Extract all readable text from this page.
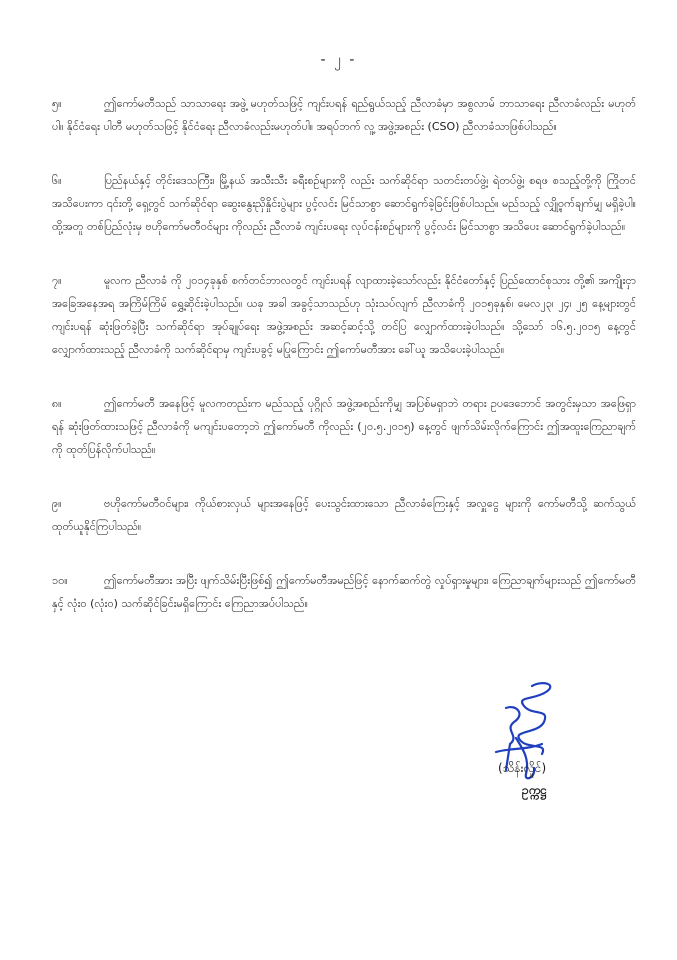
- ၂ -

၅။	ဤကော်မတီသည် သာသာရေး အဖွဲ့ မဟုတ်သဖြင့် ကျင်းပရန် ရည်ရွယ်သည့် ညီလာခံမှာ အစွလာမ် ဘာသာရေး ညီလာခံလည်း မဟုတ်ပါ။ နိုင်ငံရေး ပါတီ မဟုတ်သဖြင့် နိုင်ငံရေး ညီလာခံလည်းမဟုတ်ပါ။ အရပ်ဘက် လူ့ အဖွဲ့အစည်း (CSO) ညီလာခံသာဖြစ်ပါသည်။

၆။	ပြည်နယ်နှင့် တိုင်းဒေသကြီး၊ မြို့နယ် အသီးသီး ခရီးစဉ်များကို လည်း သက်ဆိုင်ရာ သတင်းတပ်ဖွဲ့၊ ရဲတပ်ဖွဲ့၊ စရဖ စသည့်တို့ကို ကြိုတင် အသိပေးကာ ၎င်းတို့ ရှေ့တွင် သက်ဆိုင်ရာ ဆွေးနွေးညှိနှိုင်းပွဲများ ပွင့်လင်း မြင်သာစွာ ဆောင်ရွက်ခဲ့ခြင်းဖြစ်ပါသည်။ မည်သည့် လျှို့ဝှက်ချက်မျှ မရှိခဲ့ပါ။ ထို့အတူ တစ်ပြည်လုံးမှ ဗဟိုကော်မတီဝင်များ ကိုလည်း ညီလာခံ ကျင်းပရေး လုပ်ငန်းစဉ်များကို ပွင့်လင်း မြင်သာစွာ အသိပေး ဆောင်ရွက်ခဲ့ပါသည်။

၇။	မူလက ညီလာခံ ကို ၂၀၁၄ခုနှစ် စက်တင်ဘာလတွင် ကျင်းပရန် လျာထားခဲ့သော်လည်း နိုင်ငံတော်နှင့် ပြည်ထောင်စုသား တို့၏ အကျိုးငှာ အခြေအနေအရ အကြိမ်ကြိမ် ရွှေ့ဆိုင်းခဲ့ပါသည်။ ယခု အခါ အခွင့်သာသည်ဟု သုံးသပ်လျက် ညီလာခံကို ၂၀၁၅ခုနှစ်၊ မေလ၂၃၊ ၂၄၊ ၂၅ နေ့များတွင် ကျင်းပရန် ဆုံးဖြတ်ခဲ့ပြီး သက်ဆိုင်ရာ အုပ်ချုပ်ရေး အဖွဲ့အစည်း အဆင့်ဆင့်သို့ တင်ပြ လျှောက်ထားခဲ့ပါသည်။ သို့သော် ၁၆.၅.၂၀၁၅ နေ့တွင် လျှောက်ထားသည့် ညီလာခံကို သက်ဆိုင်ရာမှ ကျင်းပခွင့် မပြုကြောင်း ဤကော်မတီအား ခေါ်ယူ အသိပေးခဲ့ပါသည်။

၈။	ဤကော်မတီ အနေဖြင့် မူလကတည်းက မည်သည့် ပုဂ္ဂိုလ် အဖွဲ့အစည်းကိုမျှ အပြစ်မရှာဘဲ တရား ဥပဒေဘောင် အတွင်းမှသာ အဖြေရှာရန် ဆုံးဖြတ်ထားသဖြင့် ညီလာခံကို မကျင်းပတော့ဘဲ ဤကော်မတီ ကိုလည်း (၂၀.၅.၂၀၁၅) နေ့တွင် ဖျက်သိမ်းလိုက်ကြောင်း ဤအထူးကြေညာချက် ကို ထုတ်ပြန်လိုက်ပါသည်။

၉။	ဗဟိုကော်မတီဝင်များ၊ ကိုယ်စားလှယ် များအနေဖြင့် ပေးသွင်းထားသော ညီလာခံကြေးနှင့် အလှူငွေ များကို ကော်မတီသို့ ဆက်သွယ်ထုတ်ယူနိုင်ကြပါသည်။

၁၀။	ဤကော်မတီအား အပြီး ဖျက်သိမ်းပြီးဖြစ်၍ ဤကော်မတီအမည်ဖြင့် နောက်ဆက်တွဲ လှုပ်ရှားမှုများ၊ ကြေညာချက်များသည် ဤကော်မတီနှင့် လုံး၀ (လုံးဝ) သက်ဆိုင်ခြင်းမရှိကြောင်း ကြေညာအပ်ပါသည်။

(သိန်းလှိုင်)
ဥက္ကဋ္ဌ
